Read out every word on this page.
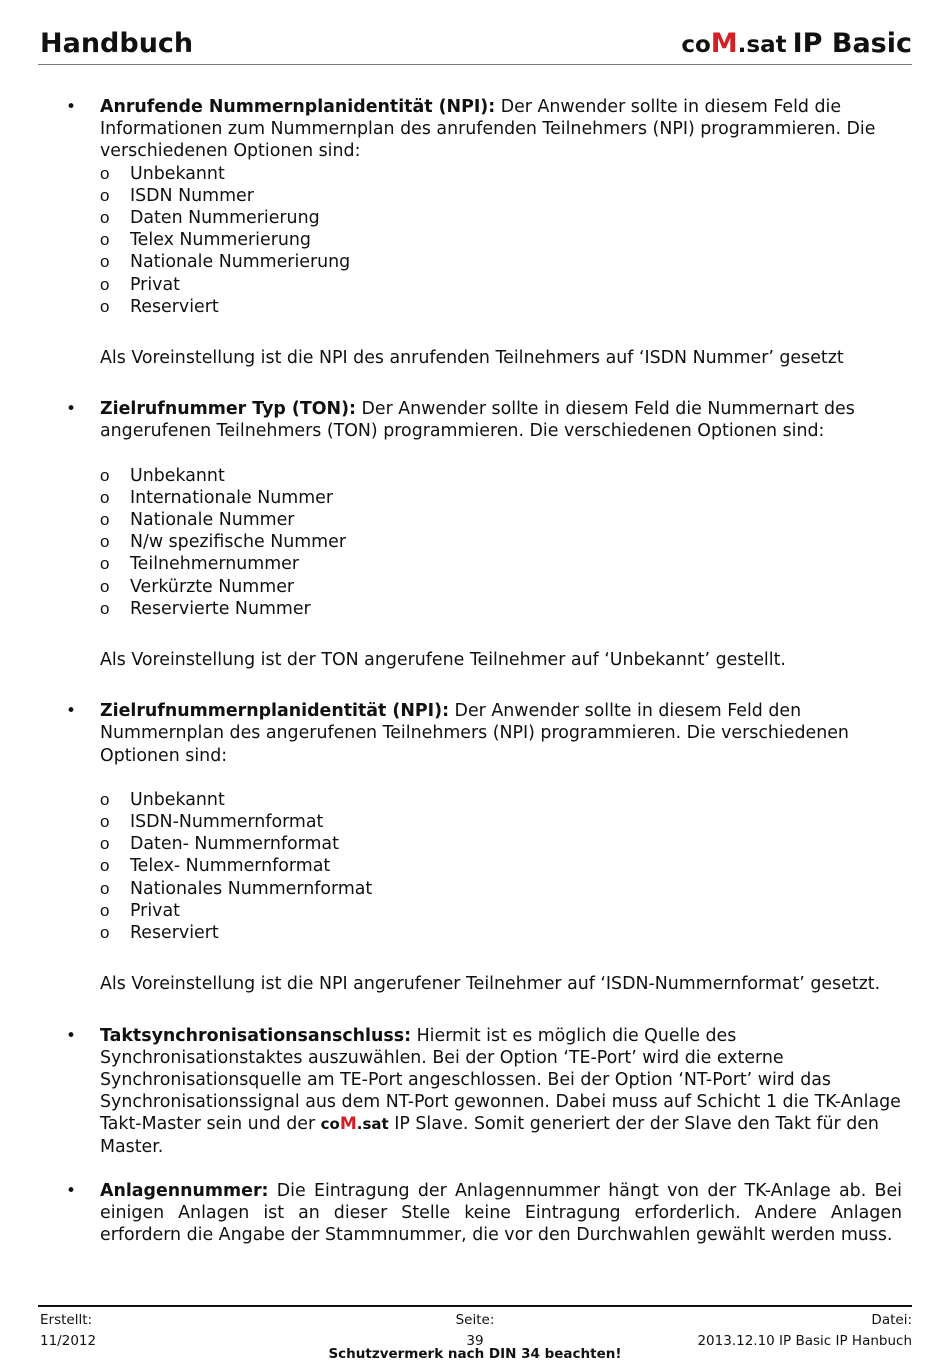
Handbuch	coM.sat IP Basic

• Anrufende Nummernplanidentität (NPI): Der Anwender sollte in diesem Feld die Informationen zum Nummernplan des anrufenden Teilnehmers (NPI) programmieren. Die verschiedenen Optionen sind:

o Unbekannt
o ISDN Nummer
o Daten Nummerierung
o Telex Nummerierung
o Nationale Nummerierung
o Privat
o Reserviert

Als Voreinstellung ist die NPI des anrufenden Teilnehmers auf ‘ISDN Nummer’ gesetzt

• Zielrufnummer Typ (TON): Der Anwender sollte in diesem Feld die Nummernart des angerufenen Teilnehmers (TON) programmieren. Die verschiedenen Optionen sind:

o Unbekannt
o Internationale Nummer
o Nationale Nummer
o N/w spezifische Nummer
o Teilnehmernummer
o Verkürzte Nummer
o Reservierte Nummer

Als Voreinstellung ist der TON angerufene Teilnehmer auf ‘Unbekannt’ gestellt.

• Zielrufnummernplanidentität (NPI): Der Anwender sollte in diesem Feld den Nummernplan des angerufenen Teilnehmers (NPI) programmieren. Die verschiedenen Optionen sind:

o Unbekannt
o ISDN-Nummernformat
o Daten- Nummernformat
o Telex- Nummernformat
o Nationales Nummernformat
o Privat
o Reserviert

Als Voreinstellung ist die NPI angerufener Teilnehmer auf ‘ISDN-Nummernformat’ gesetzt.

• Taktsynchronisationsanschluss: Hiermit ist es möglich die Quelle des Synchronisationstaktes auszuwählen. Bei der Option ‘TE-Port’ wird die externe Synchronisationsquelle am TE-Port angeschlossen. Bei der Option ‘NT-Port’ wird das Synchronisationssignal aus dem NT-Port gewonnen. Dabei muss auf Schicht 1 die TK-Anlage Takt-Master sein und der coM.sat IP Slave. Somit generiert der der Slave den Takt für den Master.

• Anlagennummer: Die Eintragung der Anlagennummer hängt von der TK-Anlage ab. Bei einigen Anlagen ist an dieser Stelle keine Eintragung erforderlich. Andere Anlagen erfordern die Angabe der Stammnummer, die vor den Durchwahlen gewählt werden muss.

Erstellt:
11/2012
Seite:
39
Datei:
2013.12.10 IP Basic IP Hanbuch
Schutzvermerk nach DIN 34 beachten!
